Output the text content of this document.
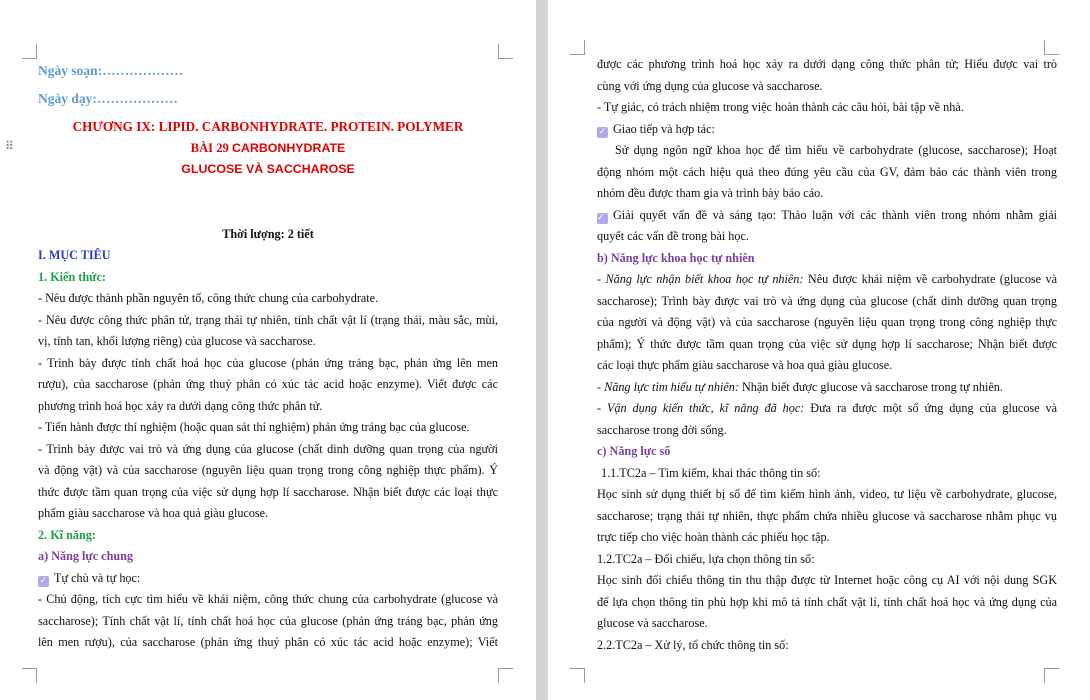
⠿
Ngày soạn:………………
Ngày dạy:………………
CHƯƠNG IX: LIPID. CARBONHYDRATE. PROTEIN. POLYMER
BÀI 29 CARBONHYDRATE
GLUCOSE VÀ SACCHAROSE
Thời lượng: 2 tiết
I. MỤC TIÊU
1. Kiến thức:
- Nêu được thành phần nguyên tố, công thức chung của carbohydrate.
- Nêu được công thức phân tử, trạng thái tự nhiên, tính chất vật lí (trạng thái, màu sắc, mùi,
vị, tính tan, khối lượng riêng) của glucose và saccharose.
- Trình bày được tính chất hoá học của glucose (phản ứng tráng bạc, phản ứng lên men
rượu), của saccharose (phản ứng thuỷ phân có xúc tác acid hoặc enzyme). Viết được các
phương trình hoá học xảy ra dưới dạng công thức phân tử.
- Tiến hành được thí nghiệm (hoặc quan sát thí nghiệm) phản ứng tráng bạc của glucose.
- Trình bày được vai trò và ứng dụng của glucose (chất dinh dưỡng quan trọng của người
và động vật) và của saccharose (nguyên liệu quan trọng trong công nghiệp thực phẩm). Ý
thức được tầm quan trọng của việc sử dụng hợp lí saccharose. Nhận biết được các loại thực
phẩm giàu saccharose và hoa quả giàu glucose.
2. Kĩ năng:
a) Năng lực chung
✓ Tự chủ và tự học:
- Chủ động, tích cực tìm hiểu về khái niệm, công thức chung của carbohydrate (glucose và
saccharose); Tính chất vật lí, tính chất hoá học của glucose (phản ứng tráng bạc, phản ứng
lên men rượu), của saccharose (phản ứng thuỷ phân có xúc tác acid hoặc enzyme); Viết
được các phương trình hoá học xảy ra dưới dạng công thức phân tử; Hiểu được vai trò
cùng với ứng dụng của glucose và saccharose.
- Tự giác, có trách nhiệm trong việc hoàn thành các câu hỏi, bài tập về nhà.
✓ Giao tiếp và hợp tác:
Sử dụng ngôn ngữ khoa học để tìm hiểu về carbohydrate (glucose, saccharose); Hoạt
động nhóm một cách hiệu quả theo đúng yêu cầu của GV, đảm bảo các thành viên trong
nhóm đều được tham gia và trình bày báo cáo.
✓ Giải quyết vấn đề và sáng tạo: Thảo luận với các thành viên trong nhóm nhằm giải
quyết các vấn đề trong bài học.
b) Năng lực khoa học tự nhiên
- Năng lực nhận biết khoa học tự nhiên: Nêu được khái niệm về carbohydrate (glucose và
saccharose); Trình bày được vai trò và ứng dụng của glucose (chất dinh dưỡng quan trọng
của người và động vật) và của saccharose (nguyên liệu quan trọng trong công nghiệp thực
phẩm); Ý thức được tầm quan trọng của việc sử dụng hợp lí saccharose; Nhận biết được
các loại thực phẩm giàu saccharose và hoa quả giàu glucose.
- Năng lực tìm hiểu tự nhiên: Nhận biết được glucose và saccharose trong tự nhiên.
- Vận dụng kiến thức, kĩ năng đã học: Đưa ra được một số ứng dụng của glucose và
saccharose trong đời sống.
c) Năng lực số
1.1.TC2a – Tìm kiếm, khai thác thông tin số:
Học sinh sử dụng thiết bị số để tìm kiếm hình ảnh, video, tư liệu về carbohydrate, glucose,
saccharose; trạng thái tự nhiên, thực phẩm chứa nhiều glucose và saccharose nhằm phục vụ
trực tiếp cho việc hoàn thành các phiếu học tập.
1.2.TC2a – Đối chiếu, lựa chọn thông tin số:
Học sinh đối chiếu thông tin thu thập được từ Internet hoặc công cụ AI với nội dung SGK
để lựa chọn thông tin phù hợp khi mô tả tính chất vật lí, tính chất hoá học và ứng dụng của
glucose và saccharose.
2.2.TC2a – Xử lý, tổ chức thông tin số:
